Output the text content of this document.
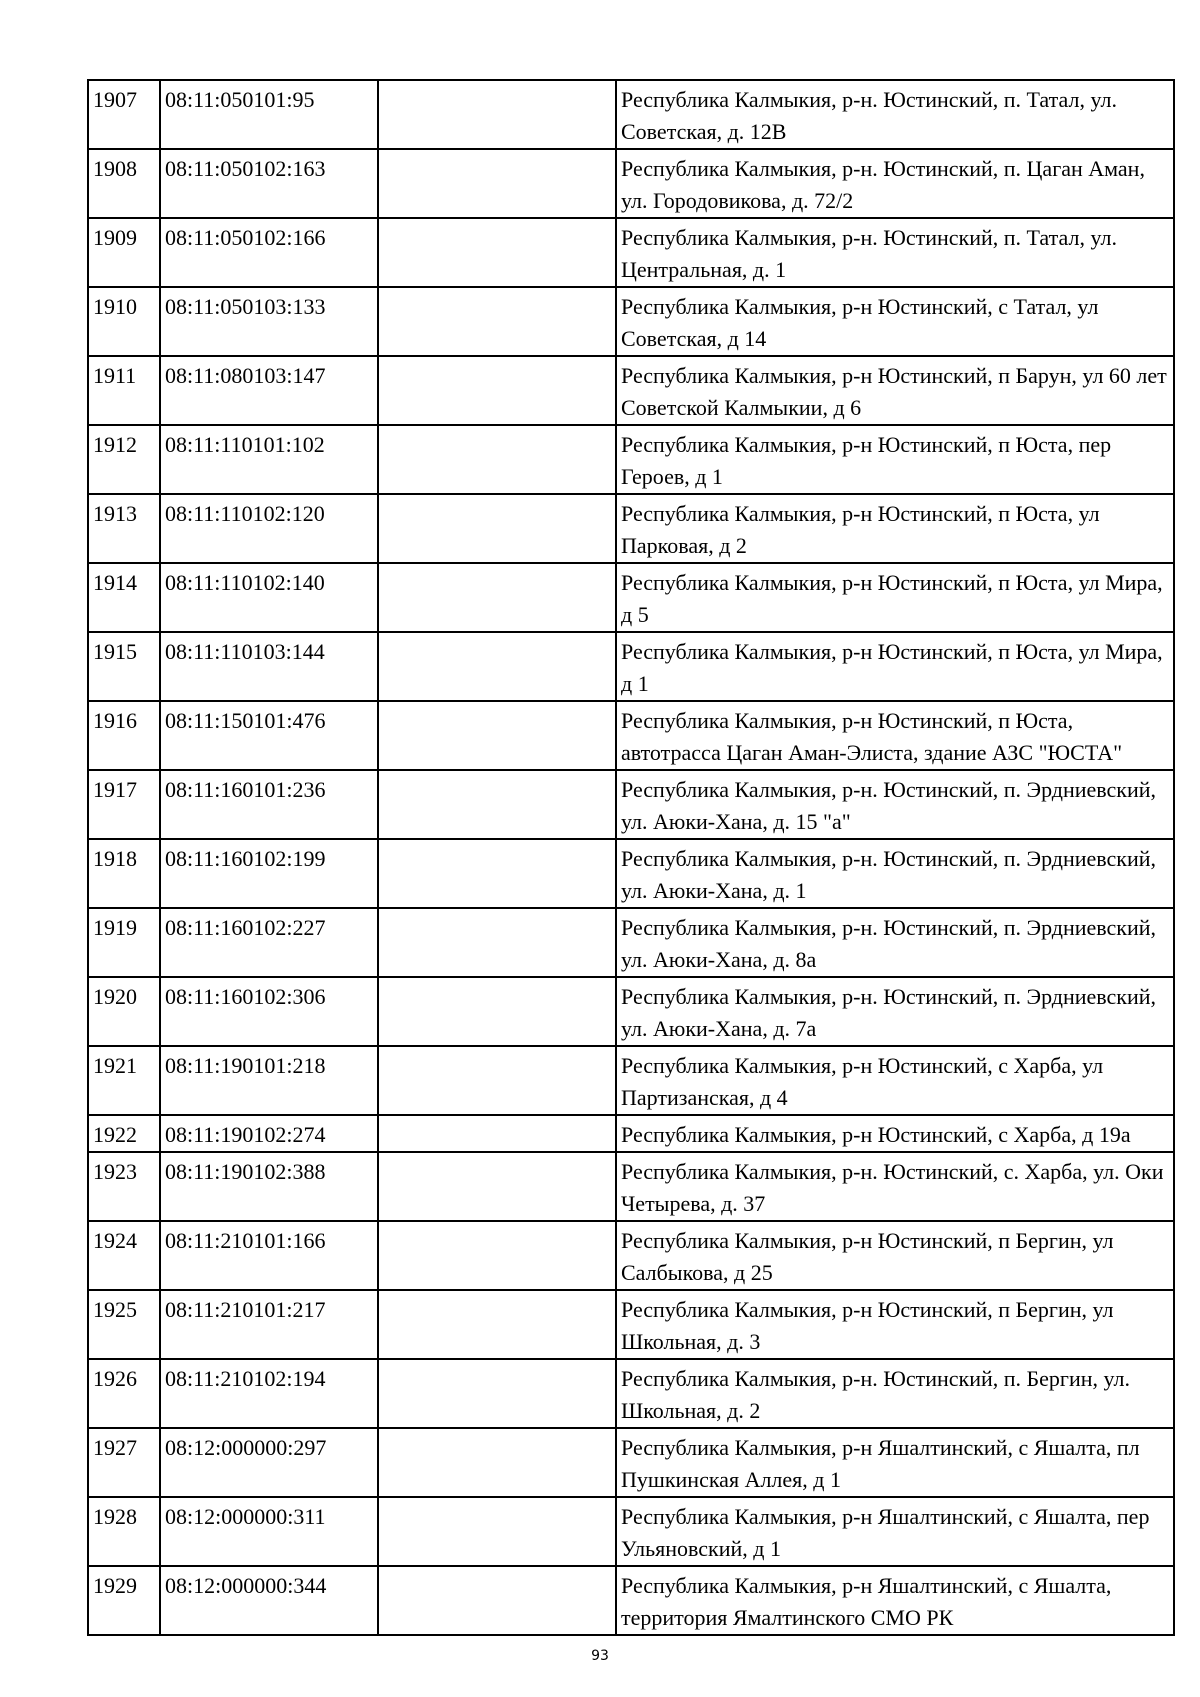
1907	08:11:050101:95		Республика Калмыкия, р-н. Юстинский, п. Татал, ул. Советская, д. 12В
1908	08:11:050102:163		Республика Калмыкия, р-н. Юстинский, п. Цаган Аман, ул. Городовикова, д. 72/2
1909	08:11:050102:166		Республика Калмыкия, р-н. Юстинский, п. Татал, ул. Центральная, д. 1
1910	08:11:050103:133		Республика Калмыкия, р-н Юстинский, с Татал, ул Советская, д 14
1911	08:11:080103:147		Республика Калмыкия, р-н Юстинский, п Барун, ул 60 лет Советской Калмыкии, д 6
1912	08:11:110101:102		Республика Калмыкия, р-н Юстинский, п Юста, пер Героев, д 1
1913	08:11:110102:120		Республика Калмыкия, р-н Юстинский, п Юста, ул Парковая, д 2
1914	08:11:110102:140		Республика Калмыкия, р-н Юстинский, п Юста, ул Мира, д 5
1915	08:11:110103:144		Республика Калмыкия, р-н Юстинский, п Юста, ул Мира, д 1
1916	08:11:150101:476		Республика Калмыкия, р-н Юстинский, п Юста, автотрасса Цаган Аман-Элиста, здание АЗС "ЮСТА"
1917	08:11:160101:236		Республика Калмыкия, р-н. Юстинский, п. Эрдниевский, ул. Аюки-Хана, д. 15 "а"
1918	08:11:160102:199		Республика Калмыкия, р-н. Юстинский, п. Эрдниевский, ул. Аюки-Хана, д. 1
1919	08:11:160102:227		Республика Калмыкия, р-н. Юстинский, п. Эрдниевский, ул. Аюки-Хана, д. 8а
1920	08:11:160102:306		Республика Калмыкия, р-н. Юстинский, п. Эрдниевский, ул. Аюки-Хана, д. 7а
1921	08:11:190101:218		Республика Калмыкия, р-н Юстинский, с Харба, ул Партизанская, д 4
1922	08:11:190102:274		Республика Калмыкия, р-н Юстинский, с Харба, д 19а
1923	08:11:190102:388		Республика Калмыкия, р-н. Юстинский, с. Харба, ул. Оки Четырева, д. 37
1924	08:11:210101:166		Республика Калмыкия, р-н Юстинский, п Бергин, ул Салбыкова, д 25
1925	08:11:210101:217		Республика Калмыкия, р-н Юстинский, п Бергин, ул Школьная, д. 3
1926	08:11:210102:194		Республика Калмыкия, р-н. Юстинский, п. Бергин, ул. Школьная, д. 2
1927	08:12:000000:297		Республика Калмыкия, р-н Яшалтинский, с Яшалта, пл Пушкинская Аллея, д 1
1928	08:12:000000:311		Республика Калмыкия, р-н Яшалтинский, с Яшалта, пер Ульяновский, д 1
1929	08:12:000000:344		Республика Калмыкия, р-н Яшалтинский, с Яшалта, территория Ямалтинского СМО РК
93
